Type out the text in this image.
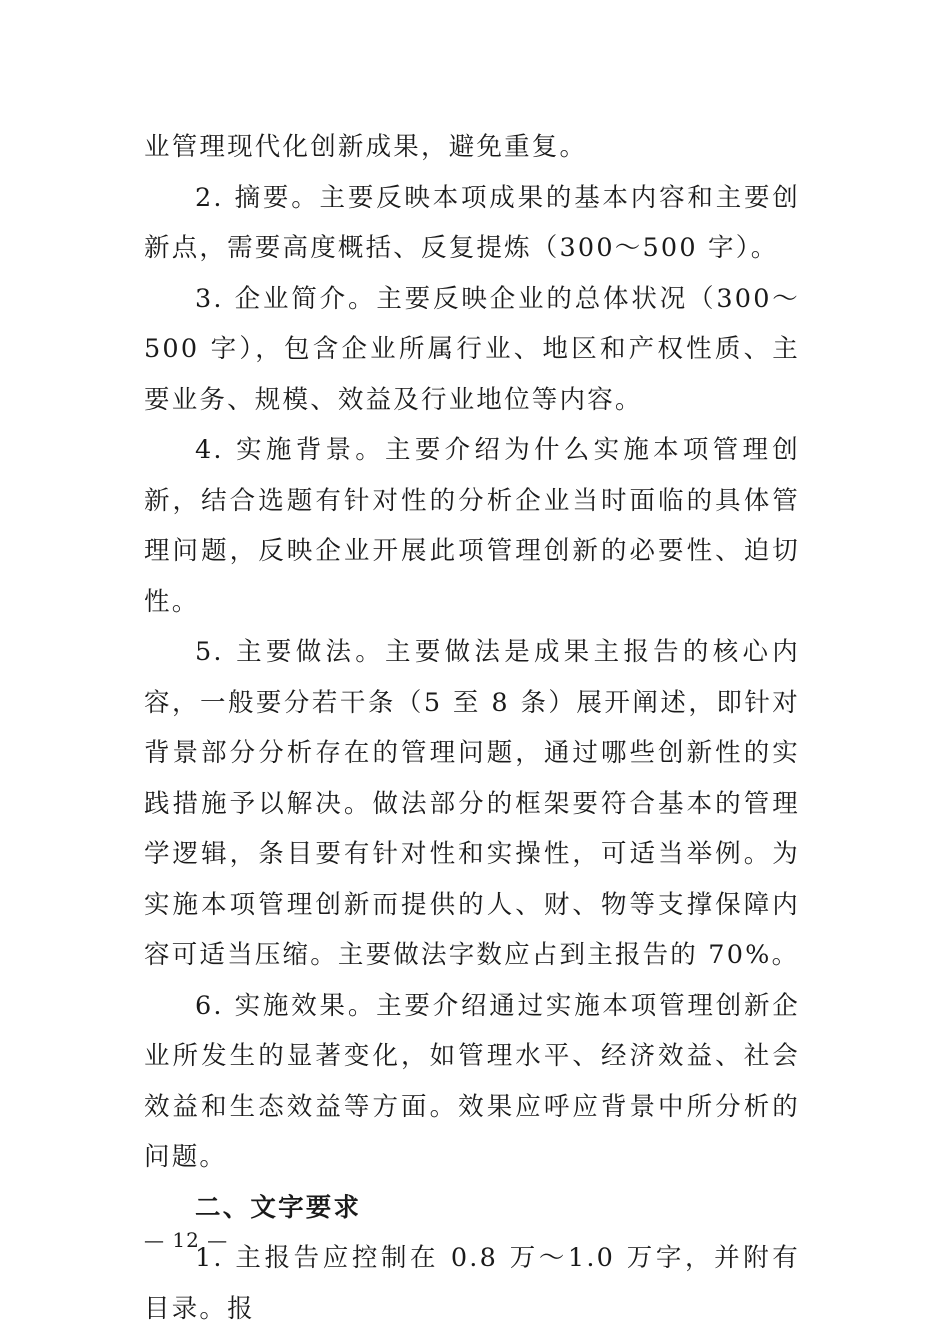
业管理现代化创新成果，避免重复。

2. 摘要。主要反映本项成果的基本内容和主要创新点，需要高度概括、反复提炼（300～500 字）。

3. 企业简介。主要反映企业的总体状况（300～500 字），包含企业所属行业、地区和产权性质、主要业务、规模、效益及行业地位等内容。

4. 实施背景。主要介绍为什么实施本项管理创新，结合选题有针对性的分析企业当时面临的具体管理问题，反映企业开展此项管理创新的必要性、迫切性。

5. 主要做法。主要做法是成果主报告的核心内容，一般要分若干条（5 至 8 条）展开阐述，即针对背景部分分析存在的管理问题，通过哪些创新性的实践措施予以解决。做法部分的框架要符合基本的管理学逻辑，条目要有针对性和实操性，可适当举例。为实施本项管理创新而提供的人、财、物等支撑保障内容可适当压缩。主要做法字数应占到主报告的 70%。

6. 实施效果。主要介绍通过实施本项管理创新企业所发生的显著变化，如管理水平、经济效益、社会效益和生态效益等方面。效果应呼应背景中所分析的问题。

二、文字要求

1. 主报告应控制在 0.8 万～1.0 万字，并附有目录。报

— 12 —
